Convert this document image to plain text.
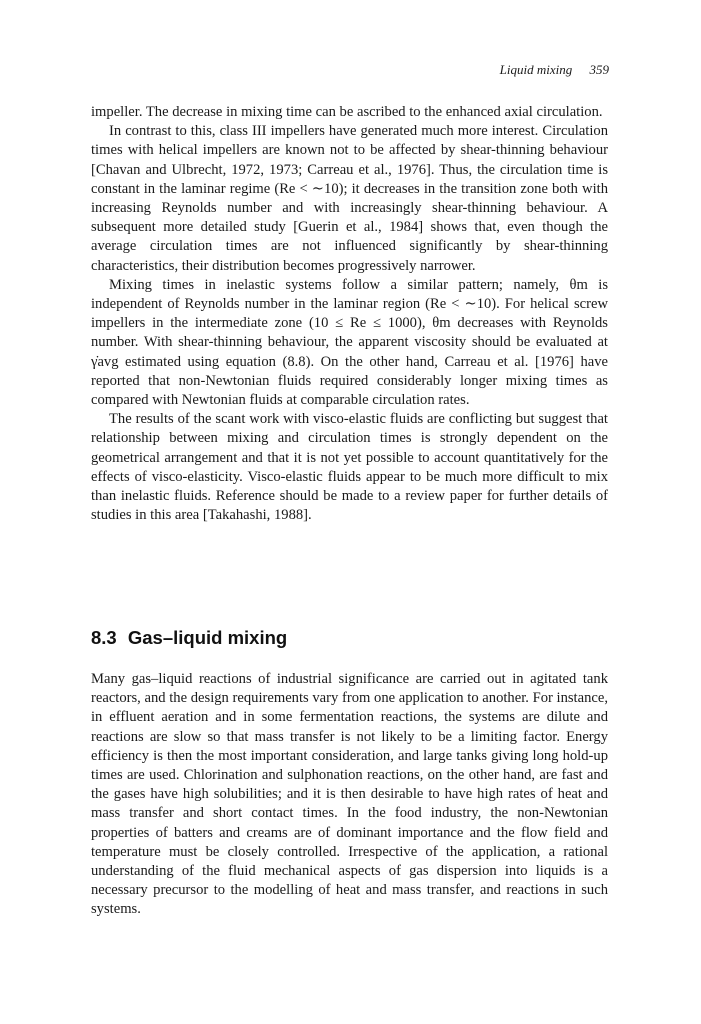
Liquid mixing 359

impeller. The decrease in mixing time can be ascribed to the enhanced axial circulation.

In contrast to this, class III impellers have generated much more interest. Circulation times with helical impellers are known not to be affected by shear-thinning behaviour [Chavan and Ulbrecht, 1972, 1973; Carreau et al., 1976]. Thus, the circulation time is constant in the laminar regime (Re < ∼10); it decreases in the transition zone both with increasing Reynolds number and with increasingly shear-thinning behaviour. A subsequent more detailed study [Guerin et al., 1984] shows that, even though the average circulation times are not influenced significantly by shear-thinning characteristics, their distribution becomes progressively narrower.

Mixing times in inelastic systems follow a similar pattern; namely, θm is independent of Reynolds number in the laminar region (Re < ∼10). For helical screw impellers in the intermediate zone (10 ≤ Re ≤ 1000), θm decreases with Reynolds number. With shear-thinning behaviour, the apparent viscosity should be evaluated at γ̇avg estimated using equation (8.8). On the other hand, Carreau et al. [1976] have reported that non-Newtonian fluids required considerably longer mixing times as compared with Newtonian fluids at comparable circulation rates.

The results of the scant work with visco-elastic fluids are conflicting but suggest that relationship between mixing and circulation times is strongly dependent on the geometrical arrangement and that it is not yet possible to account quantitatively for the effects of visco-elasticity. Visco-elastic fluids appear to be much more difficult to mix than inelastic fluids. Reference should be made to a review paper for further details of studies in this area [Takahashi, 1988].

8.3 Gas–liquid mixing

Many gas–liquid reactions of industrial significance are carried out in agitated tank reactors, and the design requirements vary from one application to another. For instance, in effluent aeration and in some fermentation reactions, the systems are dilute and reactions are slow so that mass transfer is not likely to be a limiting factor. Energy efficiency is then the most important consideration, and large tanks giving long hold-up times are used. Chlorination and sulphonation reactions, on the other hand, are fast and the gases have high solubilities; and it is then desirable to have high rates of heat and mass transfer and short contact times. In the food industry, the non-Newtonian properties of batters and creams are of dominant importance and the flow field and temperature must be closely controlled. Irrespective of the application, a rational understanding of the fluid mechanical aspects of gas dispersion into liquids is a necessary precursor to the modelling of heat and mass transfer, and reactions in such systems.
